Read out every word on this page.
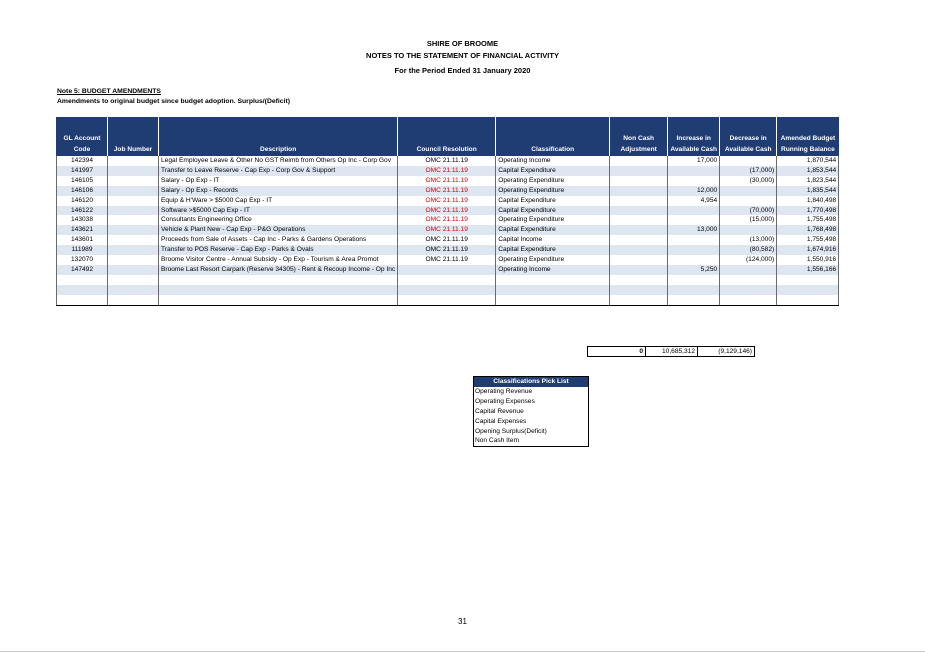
SHIRE OF BROOME
NOTES TO THE STATEMENT OF FINANCIAL ACTIVITY
For the Period Ended 31 January 2020
Note 5: BUDGET AMENDMENTS
Amendments to original budget since budget adoption. Surplus/(Deficit)
GL Account Code	Job Number	Description	Council Resolution	Classification	Non Cash Adjustment	Increase in Available Cash	Decrease in Available Cash	Amended Budget Running Balance
142394		Legal Employee Leave & Other No GST Reimb from Others Op Inc - Corp Gov	OMC 21.11.19	Operating Income		17,000		1,870,544
141997		Transfer to Leave Reserve - Cap Exp - Corp Gov & Support	OMC 21.11.19	Capital Expenditure			(17,000)	1,853,544
146105		Salary - Op Exp - IT	OMC 21.11.19	Operating Expenditure			(30,000)	1,823,544
146106		Salary - Op Exp - Records	OMC 21.11.19	Operating Expenditure		12,000		1,835,544
146120		Equip & H'Ware > $5000 Cap Exp - IT	OMC 21.11.19	Capital Expenditure		4,954		1,840,498
146122		Software >$5000 Cap Exp - IT	OMC 21.11.19	Capital Expenditure			(70,000)	1,770,498
143038		Consultants Engineering Office	OMC 21.11.19	Operating Expenditure			(15,000)	1,755,498
143621		Vehicle & Plant New - Cap Exp - P&G Operations	OMC 21.11.19	Capital Expenditure		13,000		1,768,498
143601		Proceeds from Sale of Assets - Cap Inc - Parks & Gardens Operations	OMC 21.11.19	Capital Income			(13,000)	1,755,498
111989		Transfer to POS Reserve - Cap Exp - Parks & Ovals	OMC 21.11.19	Capital Expenditure			(80,582)	1,674,916
132070		Broome Visitor Centre - Annual Subsidy - Op Exp - Tourism & Area Promot	OMC 21.11.19	Operating Expenditure			(124,000)	1,550,916
147492		Broome Last Resort Carpark (Reserve 34305) - Rent & Recoup Income - Op Inc		Operating Income		5,250		1,556,166

0	10,685,312	(9,129,146)
Classifications Pick List
Operating Revenue
Operating Expenses
Capital Revenue
Capital Expenses
Opening Surplus(Deficit)
Non Cash Item
31
